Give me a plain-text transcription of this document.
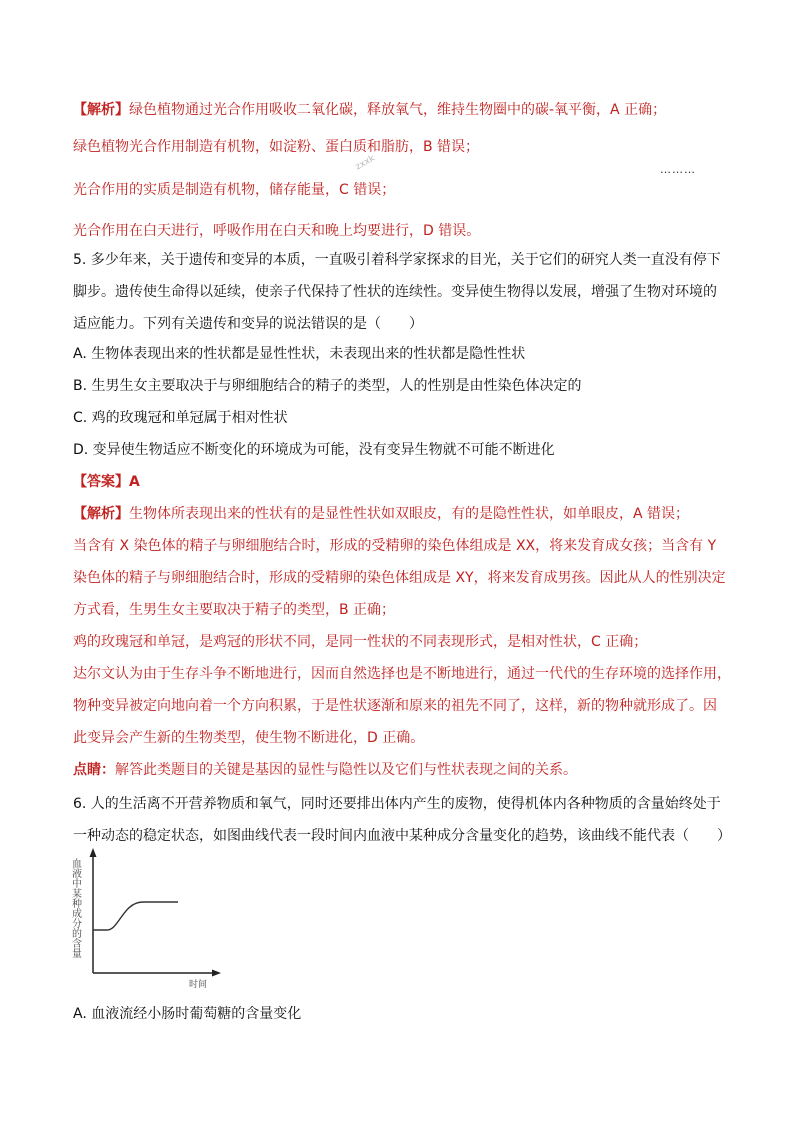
【解析】绿色植物通过光合作用吸收二氧化碳，释放氧气，维持生物圈中的碳-氧平衡，A 正确；
绿色植物光合作用制造有机物，如淀粉、蛋白质和脂肪，B 错误；
zxxk	………
光合作用的实质是制造有机物，储存能量，C 错误；
光合作用在白天进行，呼吸作用在白天和晚上均要进行，D 错误。
5. 多少年来，关于遗传和变异的本质，一直吸引着科学家探求的目光，关于它们的研究人类一直没有停下
脚步。遗传使生命得以延续，使亲子代保持了性状的连续性。变异使生物得以发展，增强了生物对环境的
适应能力。下列有关遗传和变异的说法错误的是（　　）
A. 生物体表现出来的性状都是显性性状，未表现出来的性状都是隐性性状
B. 生男生女主要取决于与卵细胞结合的精子的类型，人的性别是由性染色体决定的
C. 鸡的玫瑰冠和单冠属于相对性状
D. 变异使生物适应不断变化的环境成为可能，没有变异生物就不可能不断进化
【答案】A
【解析】生物体所表现出来的性状有的是显性性状如双眼皮，有的是隐性性状，如单眼皮，A 错误；
当含有 X 染色体的精子与卵细胞结合时，形成的受精卵的染色体组成是 XX，将来发育成女孩；当含有 Y
染色体的精子与卵细胞结合时，形成的受精卵的染色体组成是 XY，将来发育成男孩。因此从人的性别决定
方式看，生男生女主要取决于精子的类型，B 正确；
鸡的玫瑰冠和单冠，是鸡冠的形状不同，是同一性状的不同表现形式，是相对性状，C 正确；
达尔文认为由于生存斗争不断地进行，因而自然选择也是不断地进行，通过一代代的生存环境的选择作用，
物种变异被定向地向着一个方向积累，于是性状逐渐和原来的祖先不同了，这样，新的物种就形成了。因
此变异会产生新的生物类型，使生物不断进化，D 正确。
点睛：解答此类题目的关键是基因的显性与隐性以及它们与性状表现之间的关系。
6. 人的生活离不开营养物质和氧气，同时还要排出体内产生的废物，使得机体内各种物质的含量始终处于
一种动态的稳定状态，如图曲线代表一段时间内血液中某种成分含量变化的趋势，该曲线不能代表（　　）
血液中某种成分的含量
时间
A. 血液流经小肠时葡萄糖的含量变化
